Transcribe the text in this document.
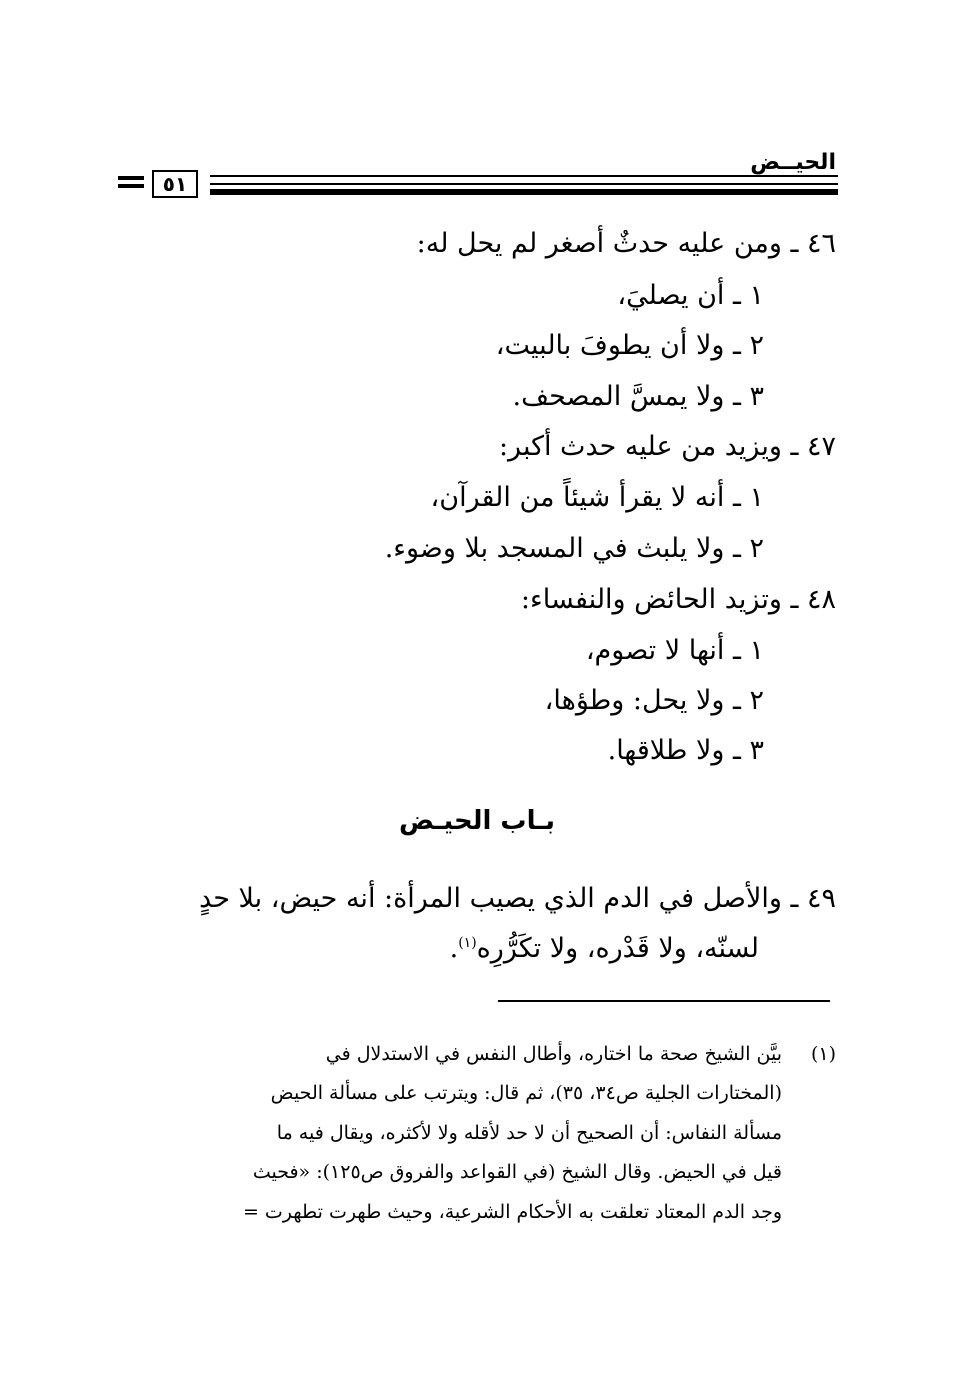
الحيــض
٥١
٤٦ ـ ومن عليه حدثٌ أصغر لم يحل له:
١ ـ أن يصليَ،
٢ ـ ولا أن يطوفَ بالبيت،
٣ ـ ولا يمسَّ المصحف.
٤٧ ـ ويزيد من عليه حدث أكبر:
١ ـ أنه لا يقرأ شيئاً من القرآن،
٢ ـ ولا يلبث في المسجد بلا وضوء.
٤٨ ـ وتزيد الحائض والنفساء:
١ ـ أنها لا تصوم،
٢ ـ ولا يحل: وطؤها،
٣ ـ ولا طلاقها.
بـاب الحيـض
٤٩ ـ والأصل في الدم الذي يصيب المرأة: أنه حيض، بلا حدٍ
لسنّه، ولا قَدْره، ولا تكَرُّرِه$^{(١)}$.
(١)
بيَّن الشيخ صحة ما اختاره، وأطال النفس في الاستدلال في
(المختارات الجلية ص٣٤، ٣٥)، ثم قال: ويترتب على مسألة الحيض
مسألة النفاس: أن الصحيح أن لا حد لأقله ولا لأكثره، ويقال فيه ما
قيل في الحيض. وقال الشيخ (في القواعد والفروق ص١٢٥): «فحيث
وجد الدم المعتاد تعلقت به الأحكام الشرعية، وحيث طهرت تطهرت =
